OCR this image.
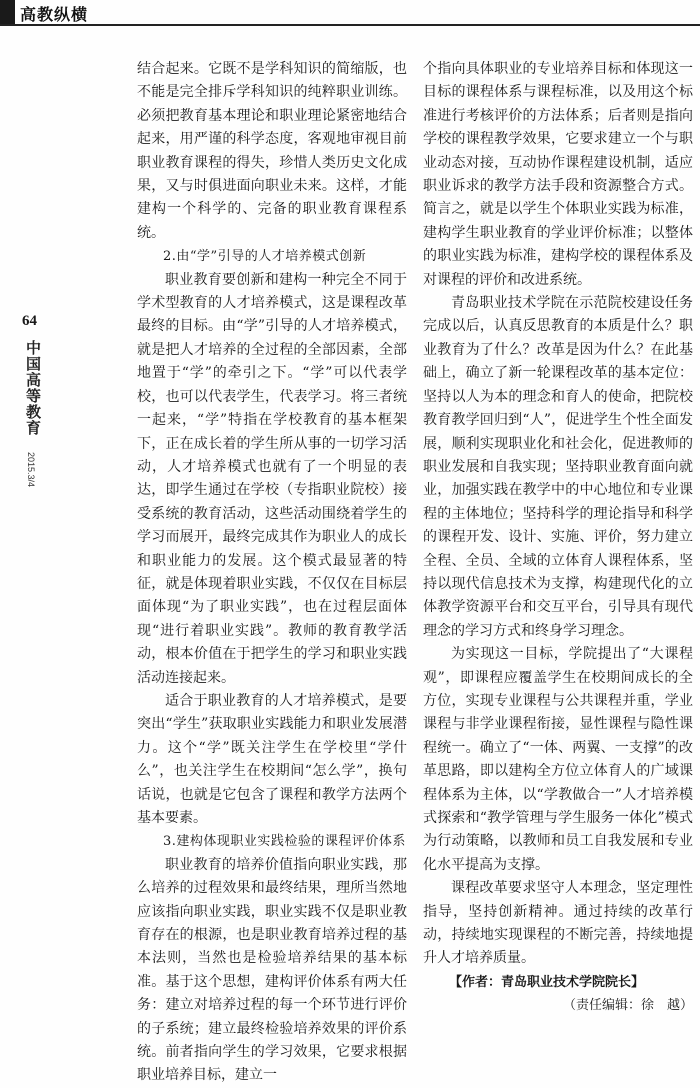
高教纵横
64
中国高等教育
2015.3/4

结合起来。它既不是学科知识的简缩版，也不能是完全排斥学科知识的纯粹职业训练。必须把教育基本理论和职业理论紧密地结合起来，用严谨的科学态度，客观地审视目前职业教育课程的得失，珍惜人类历史文化成果，又与时俱进面向职业未来。这样，才能建构一个科学的、完备的职业教育课程系统。

2.由“学”引导的人才培养模式创新

职业教育要创新和建构一种完全不同于学术型教育的人才培养模式，这是课程改革最终的目标。由“学”引导的人才培养模式，就是把人才培养的全过程的全部因素，全部地置于“学”的牵引之下。“学”可以代表学校，也可以代表学生，代表学习。将三者统一起来，“学”特指在学校教育的基本框架下，正在成长着的学生所从事的一切学习活动，人才培养模式也就有了一个明显的表达，即学生通过在学校（专指职业院校）接受系统的教育活动，这些活动围绕着学生的学习而展开，最终完成其作为职业人的成长和职业能力的发展。这个模式最显著的特征，就是体现着职业实践，不仅仅在目标层面体现“为了职业实践”，也在过程层面体现“进行着职业实践”。教师的教育教学活动，根本价值在于把学生的学习和职业实践活动连接起来。

适合于职业教育的人才培养模式，是要突出“学生”获取职业实践能力和职业发展潜力。这个“学”既关注学生在学校里“学什么”，也关注学生在校期间“怎么学”，换句话说，也就是它包含了课程和教学方法两个基本要素。

3.建构体现职业实践检验的课程评价体系

职业教育的培养价值指向职业实践，那么培养的过程效果和最终结果，理所当然地应该指向职业实践，职业实践不仅是职业教育存在的根源，也是职业教育培养过程的基本法则，当然也是检验培养结果的基本标准。基于这个思想，建构评价体系有两大任务：建立对培养过程的每一个环节进行评价的子系统；建立最终检验培养效果的评价系统。前者指向学生的学习效果，它要求根据职业培养目标，建立一

个指向具体职业的专业培养目标和体现这一目标的课程体系与课程标准，以及用这个标准进行考核评价的方法体系；后者则是指向学校的课程教学效果，它要求建立一个与职业动态对接，互动协作课程建设机制，适应职业诉求的教学方法手段和资源整合方式。简言之，就是以学生个体职业实践为标准，建构学生职业教育的学业评价标准；以整体的职业实践为标准，建构学校的课程体系及对课程的评价和改进系统。

青岛职业技术学院在示范院校建设任务完成以后，认真反思教育的本质是什么？职业教育为了什么？改革是因为什么？在此基础上，确立了新一轮课程改革的基本定位：坚持以人为本的理念和育人的使命，把院校教育教学回归到“人”，促进学生个性全面发展，顺利实现职业化和社会化，促进教师的职业发展和自我实现；坚持职业教育面向就业，加强实践在教学中的中心地位和专业课程的主体地位；坚持科学的理论指导和科学的课程开发、设计、实施、评价，努力建立全程、全员、全域的立体育人课程体系，坚持以现代信息技术为支撑，构建现代化的立体教学资源平台和交互平台，引导具有现代理念的学习方式和终身学习理念。

为实现这一目标，学院提出了“大课程观”，即课程应覆盖学生在校期间成长的全方位，实现专业课程与公共课程并重，学业课程与非学业课程衔接，显性课程与隐性课程统一。确立了“一体、两翼、一支撑”的改革思路，即以建构全方位立体育人的广域课程体系为主体，以“学教做合一”人才培养模式探索和“教学管理与学生服务一体化”模式为行动策略，以教师和员工自我发展和专业化水平提高为支撑。

课程改革要求坚守人本理念，坚定理性指导，坚持创新精神。通过持续的改革行动，持续地实现课程的不断完善，持续地提升人才培养质量。

【作者：青岛职业技术学院院长】

（责任编辑：徐　越）
